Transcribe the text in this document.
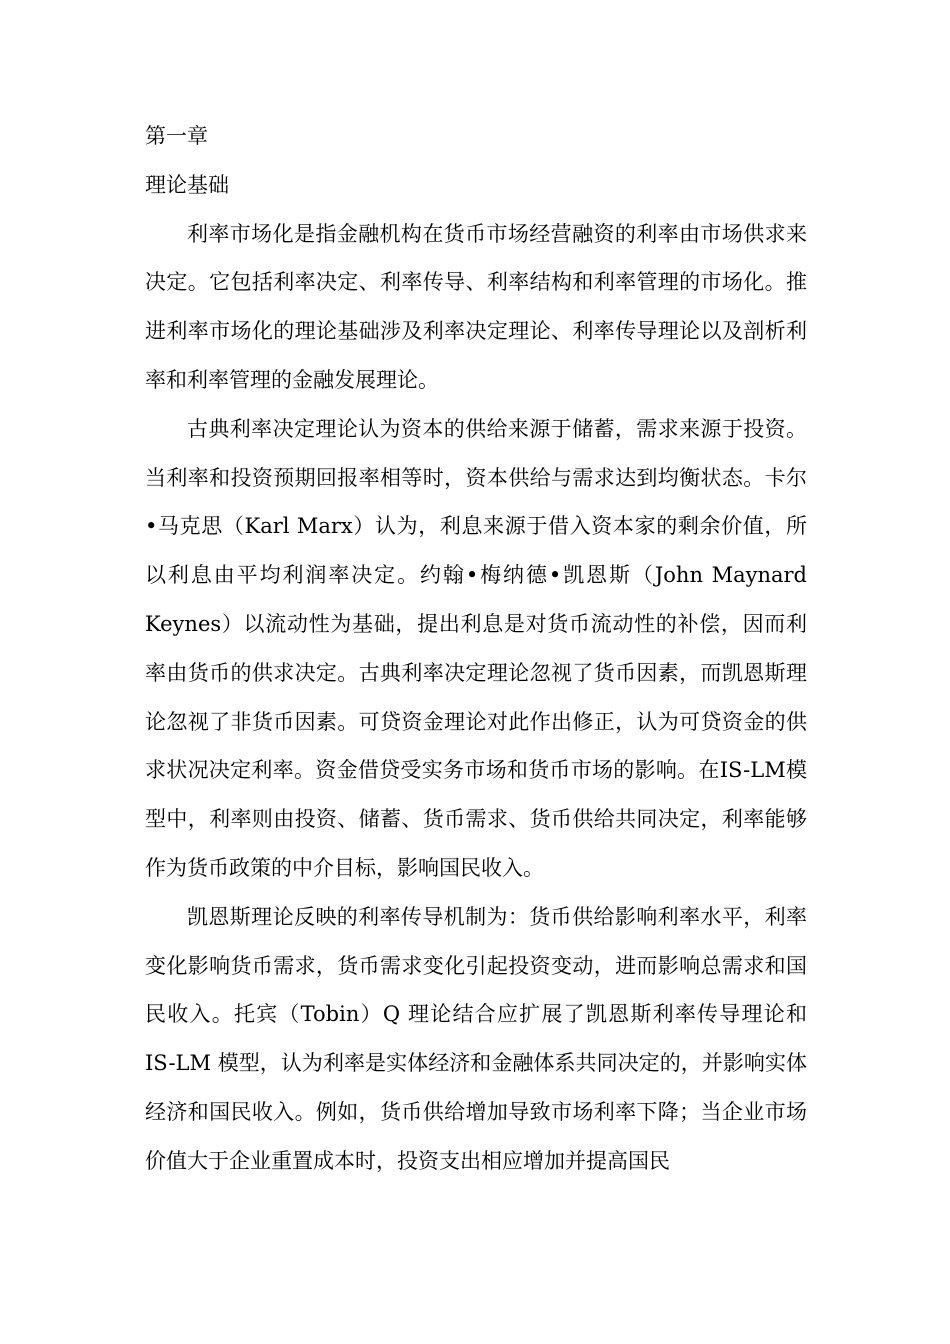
第一章

理论基础

利率市场化是指金融机构在货币市场经营融资的利率由市场供求来决定。它包括利率决定、利率传导、利率结构和利率管理的市场化。推进利率市场化的理论基础涉及利率决定理论、利率传导理论以及剖析利率和利率管理的金融发展理论。

古典利率决定理论认为资本的供给来源于储蓄，需求来源于投资。当利率和投资预期回报率相等时，资本供给与需求达到均衡状态。卡尔•马克思（Karl Marx）认为，利息来源于借入资本家的剩余价值，所以利息由平均利润率决定。约翰•梅纳德•凯恩斯（John Maynard Keynes）以流动性为基础，提出利息是对货币流动性的补偿，因而利率由货币的供求决定。古典利率决定理论忽视了货币因素，而凯恩斯理论忽视了非货币因素。可贷资金理论对此作出修正，认为可贷资金的供求状况决定利率。资金借贷受实务市场和货币市场的影响。在IS-LM模型中，利率则由投资、储蓄、货币需求、货币供给共同决定，利率能够作为货币政策的中介目标，影响国民收入。

凯恩斯理论反映的利率传导机制为：货币供给影响利率水平，利率变化影响货币需求，货币需求变化引起投资变动，进而影响总需求和国民收入。托宾（Tobin）Q 理论结合应扩展了凯恩斯利率传导理论和 IS-LM 模型，认为利率是实体经济和金融体系共同决定的，并影响实体经济和国民收入。例如，货币供给增加导致市场利率下降；当企业市场价值大于企业重置成本时，投资支出相应增加并提高国民
